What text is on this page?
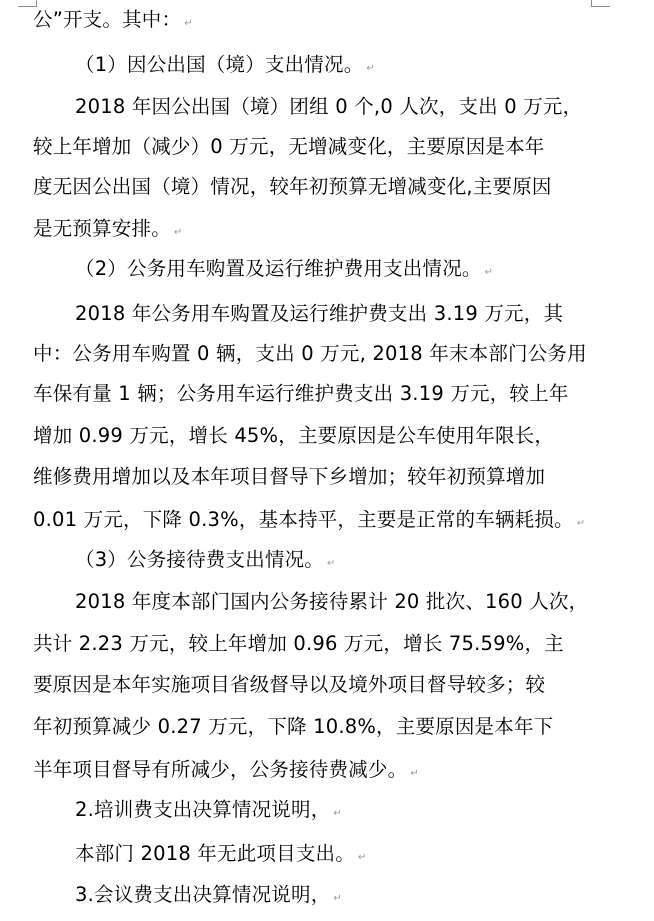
公”开支。其中： ↵
（1）因公出国（境）支出情况。 ↵
2018 年因公出国（境）团组 0 个,0 人次，支出 0 万元，
较上年增加（减少）0 万元，无增减变化，主要原因是本年
度无因公出国（境）情况，较年初预算无增减变化,主要原因
是无预算安排。 ↵
（2）公务用车购置及运行维护费用支出情况。 ↵
2018 年公务用车购置及运行维护费支出 3.19 万元，其
中：公务用车购置 0 辆，支出 0 万元, 2018 年末本部门公务用
车保有量 1 辆；公务用车运行维护费支出 3.19 万元，较上年
增加 0.99 万元，增长 45%，主要原因是公车使用年限长，
维修费用增加以及本年项目督导下乡增加；较年初预算增加
0.01 万元，下降 0.3%，基本持平，主要是正常的车辆耗损。 ↵
（3）公务接待费支出情况。 ↵
2018 年度本部门国内公务接待累计 20 批次、160 人次，
共计 2.23 万元，较上年增加 0.96 万元，增长 75.59%，主
要原因是本年实施项目省级督导以及境外项目督导较多；较
年初预算减少 0.27 万元，下降 10.8%，主要原因是本年下
半年项目督导有所减少，公务接待费减少。 ↵
2.培训费支出决算情况说明， ↵
本部门 2018 年无此项目支出。 ↵
3.会议费支出决算情况说明， ↵
